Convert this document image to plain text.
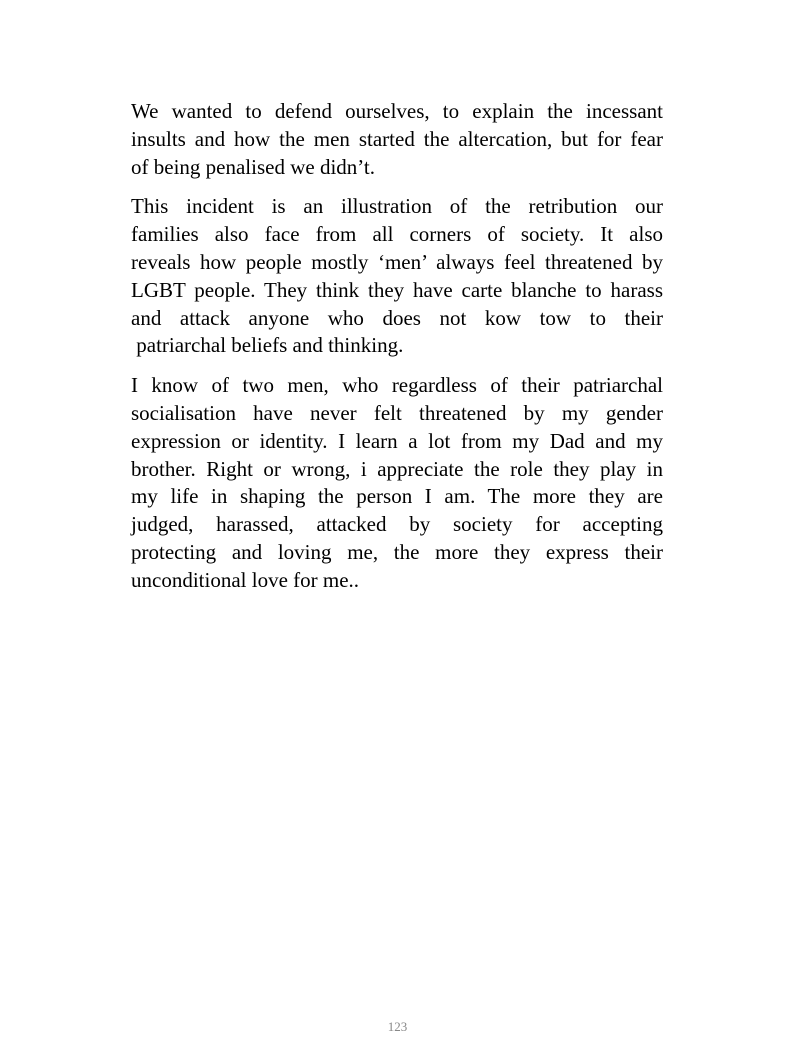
We wanted to defend ourselves, to explain the incessant
insults and how the men started the altercation, but for fear
of being penalised we didn’t.

This incident is an illustration of the retribution our
families also face from all corners of society. It also
reveals how people mostly ‘men’ always feel threatened by
LGBT people. They think they have carte blanche to harass
and attack anyone who does not kow tow to their
patriarchal beliefs and thinking.

I know of two men, who regardless of their patriarchal
socialisation have never felt threatened by my gender
expression or identity. I learn a lot from my Dad and my
brother. Right or wrong, i appreciate the role they play in
my life in shaping the person I am. The more they are
judged, harassed, attacked by society for accepting
protecting and loving me, the more they express their
unconditional love for me..

123
